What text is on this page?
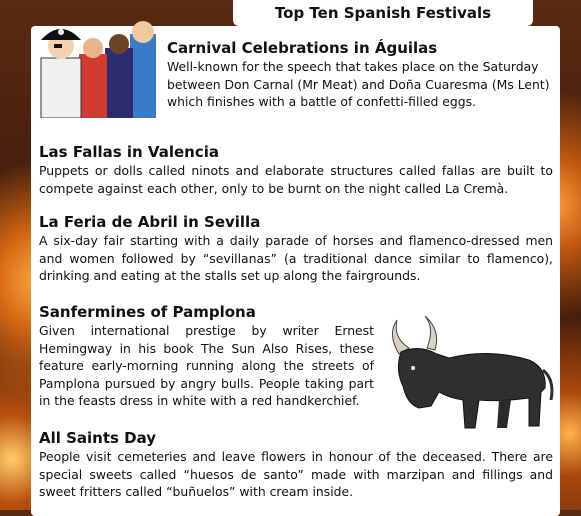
Top Ten Spanish Festivals
Carnival Celebrations in Águilas

Well-known for the speech that takes place on the Saturday between Don Carnal (Mr Meat) and Doña Cuaresma (Ms Lent) which finishes with a battle of confetti-filled eggs.

Las Fallas in Valencia

Puppets or dolls called ninots and elaborate structures called fallas are built to compete against each other, only to be burnt on the night called La Cremà.

La Feria de Abril in Sevilla

A six-day fair starting with a daily parade of horses and flamenco-dressed men and women followed by “sevillanas” (a traditional dance similar to flamenco), drinking and eating at the stalls set up along the fairgrounds.

Sanfermines of Pamplona

Given international prestige by writer Ernest Hemingway in his book The Sun Also Rises, these feature early-morning running along the streets of Pamplona pursued by angry bulls. People taking part in the feasts dress in white with a red handkerchief.

All Saints Day

People visit cemeteries and leave flowers in honour of the deceased. There are special sweets called “huesos de santo” made with marzipan and fillings and sweet fritters called “buñuelos” with cream inside.
